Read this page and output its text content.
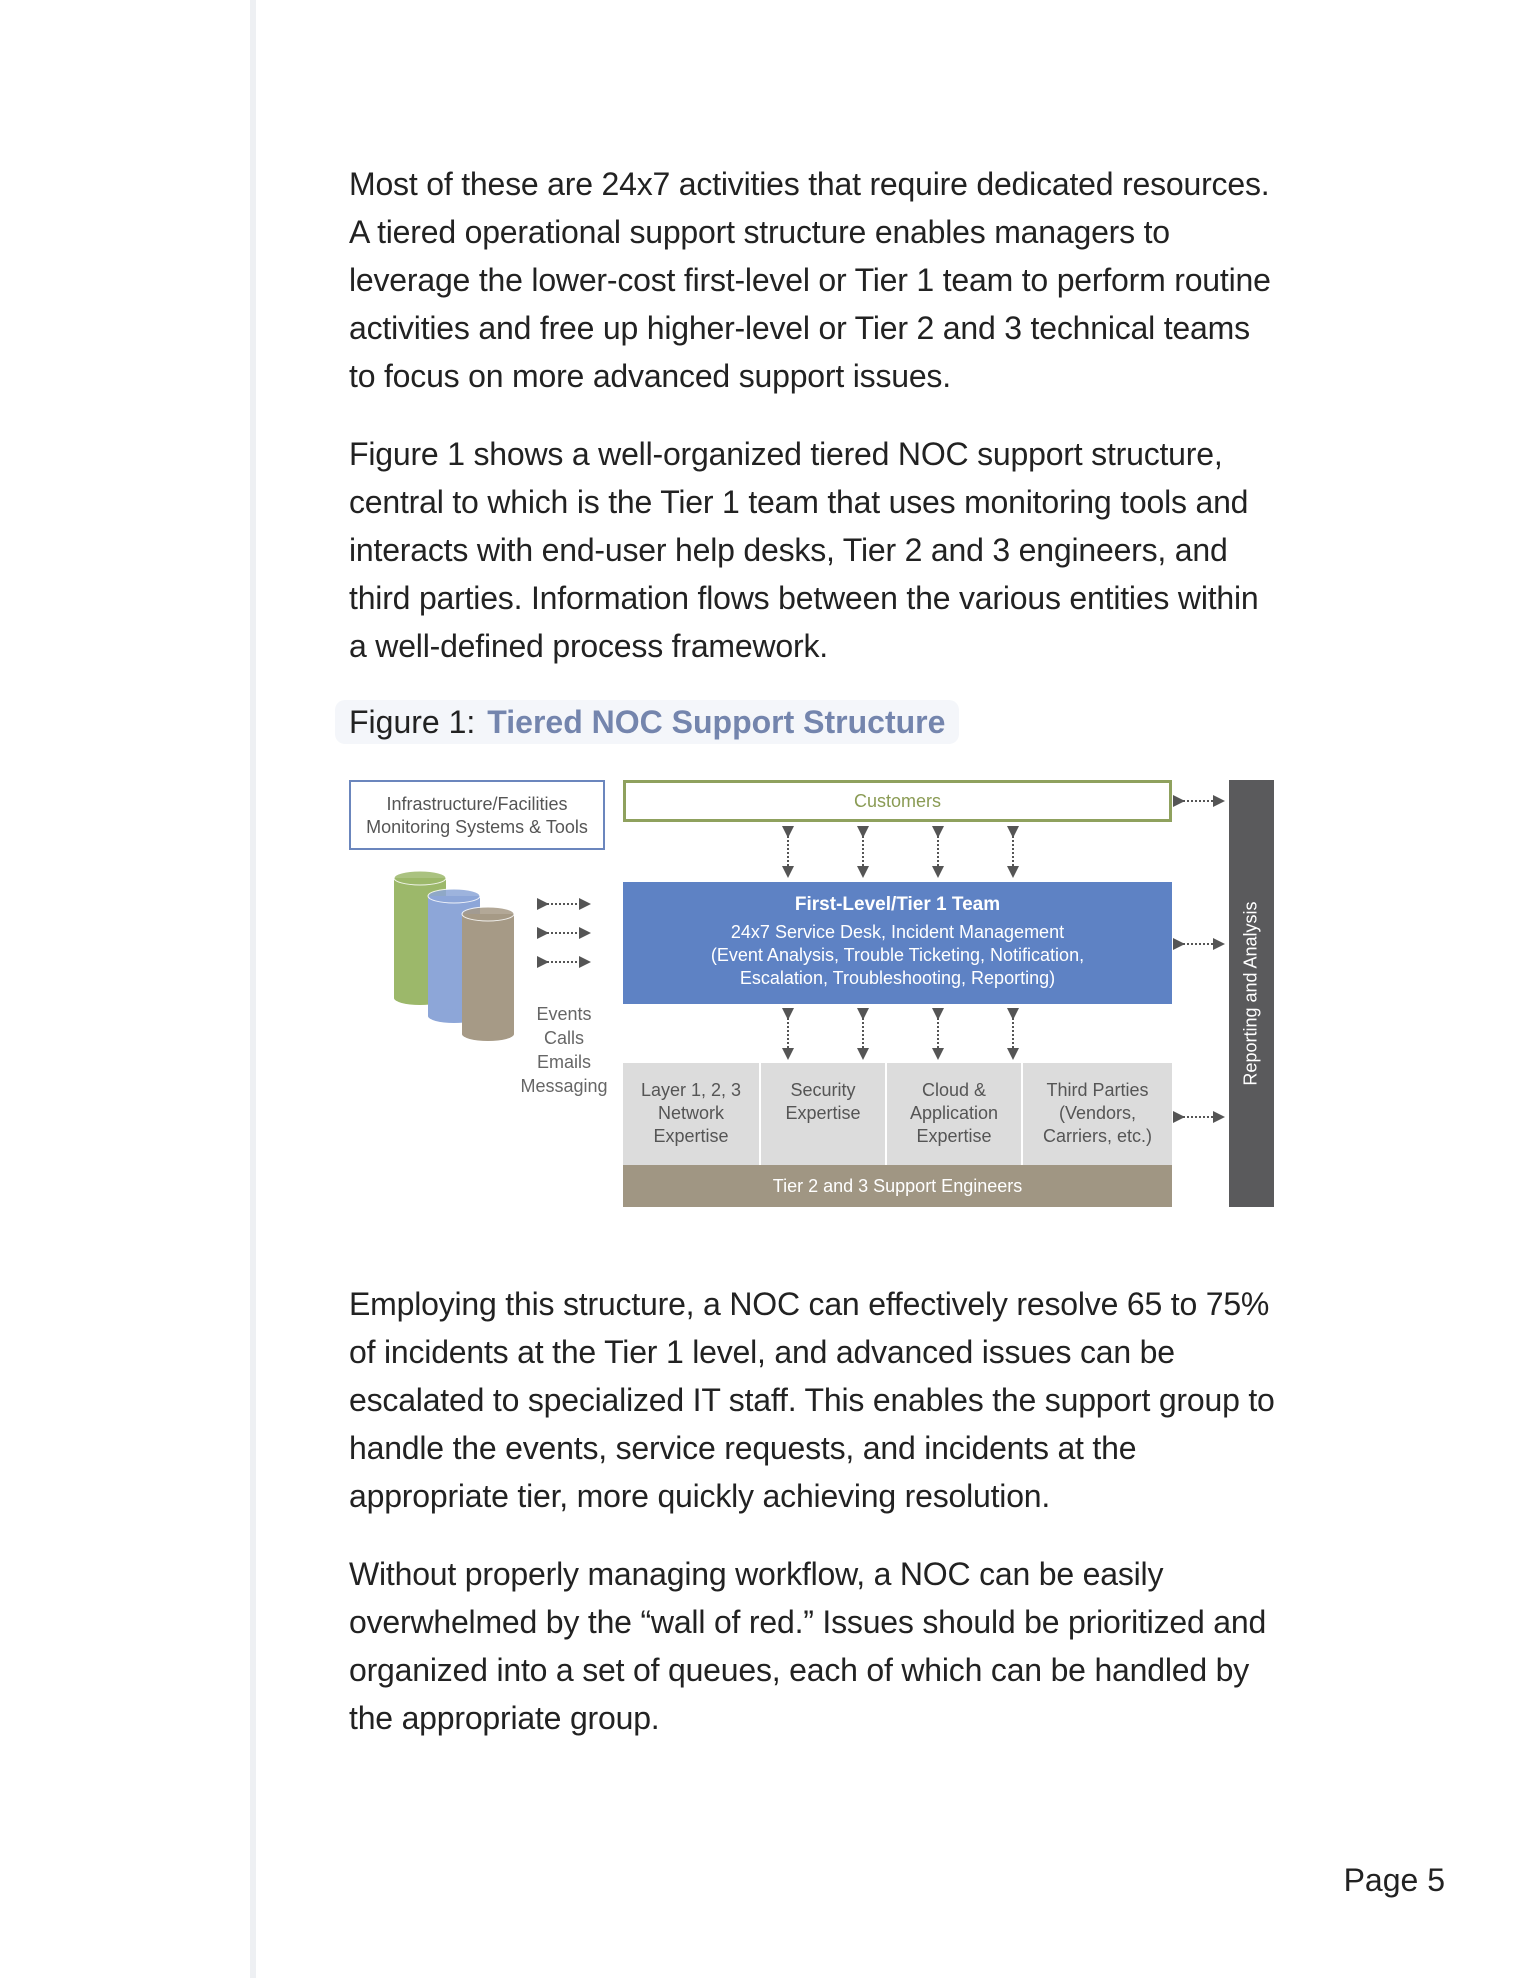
Most of these are 24x7 activities that require dedicated resources. A tiered operational support structure enables managers to leverage the lower-cost first-level or Tier 1 team to perform routine activities and free up higher-level or Tier 2 and 3 technical teams to focus on more advanced support issues.

Figure 1 shows a well-organized tiered NOC support structure, central to which is the Tier 1 team that uses monitoring tools and interacts with end-user help desks, Tier 2 and 3 engineers, and third parties. Information flows between the various entities within a well-defined process framework.

Figure 1: Tiered NOC Support Structure
Infrastructure/Facilities
Monitoring Systems & Tools
Customers
First-Level/Tier 1 Team
24x7 Service Desk, Incident Management
(Event Analysis, Trouble Ticketing, Notification,
Escalation, Troubleshooting, Reporting)
Layer 1, 2, 3
Network
Expertise
Security
Expertise
Cloud &
Application
Expertise
Third Parties
(Vendors,
Carriers, etc.)
Tier 2 and 3 Support Engineers
Reporting and Analysis
Events
Calls
Emails
Messaging

Employing this structure, a NOC can effectively resolve 65 to 75% of incidents at the Tier 1 level, and advanced issues can be escalated to specialized IT staff. This enables the support group to handle the events, service requests, and incidents at the appropriate tier, more quickly achieving resolution.

Without properly managing workflow, a NOC can be easily overwhelmed by the “wall of red.” Issues should be prioritized and organized into a set of queues, each of which can be handled by the appropriate group.

Page 5
